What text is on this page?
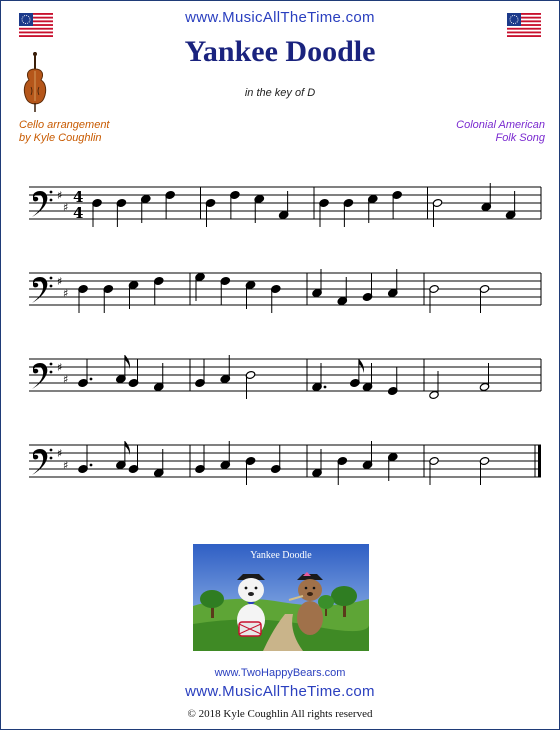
www.MusicAllTheTime.com
Yankee Doodle
in the key of D
Cello arrangement
by Kyle Coughlin
Colonial American
Folk Song
♯
♯
4
4
♯
♯
♯
♯
♯
♯
Yankee Doodle
www.TwoHappyBears.com
www.MusicAllTheTime.com
© 2018 Kyle Coughlin All rights reserved
